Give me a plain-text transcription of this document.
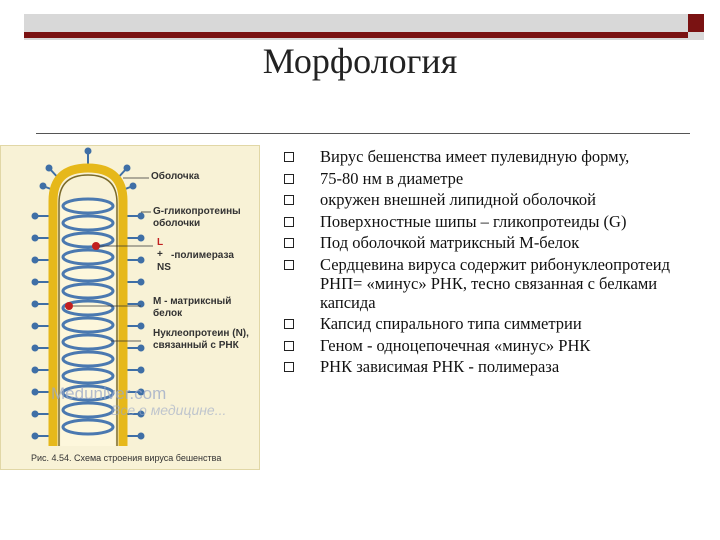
Морфология
Оболочка
G-гликопротеины оболочки
L
+
NS
-полимераза
М - матриксный белок
Нуклеопротеин (N), связанный с РНК
Meduniver.com
Все о медицине...
Рис. 4.54. Схема строения вируса бешенства
Вирус бешенства имеет пулевидную форму,
75-80 нм в диаметре
окружен внешней липидной оболочкой
Поверхностные шипы – гликопротеиды (G)
Под оболочкой матриксный М-белок
Сердцевина вируса содержит рибонуклеопротеид РНП= «минус» РНК, тесно связанная с белками капсида
Капсид спирального типа симметрии
Геном - одноцепочечная «минус» РНК
РНК зависимая РНК - полимераза
